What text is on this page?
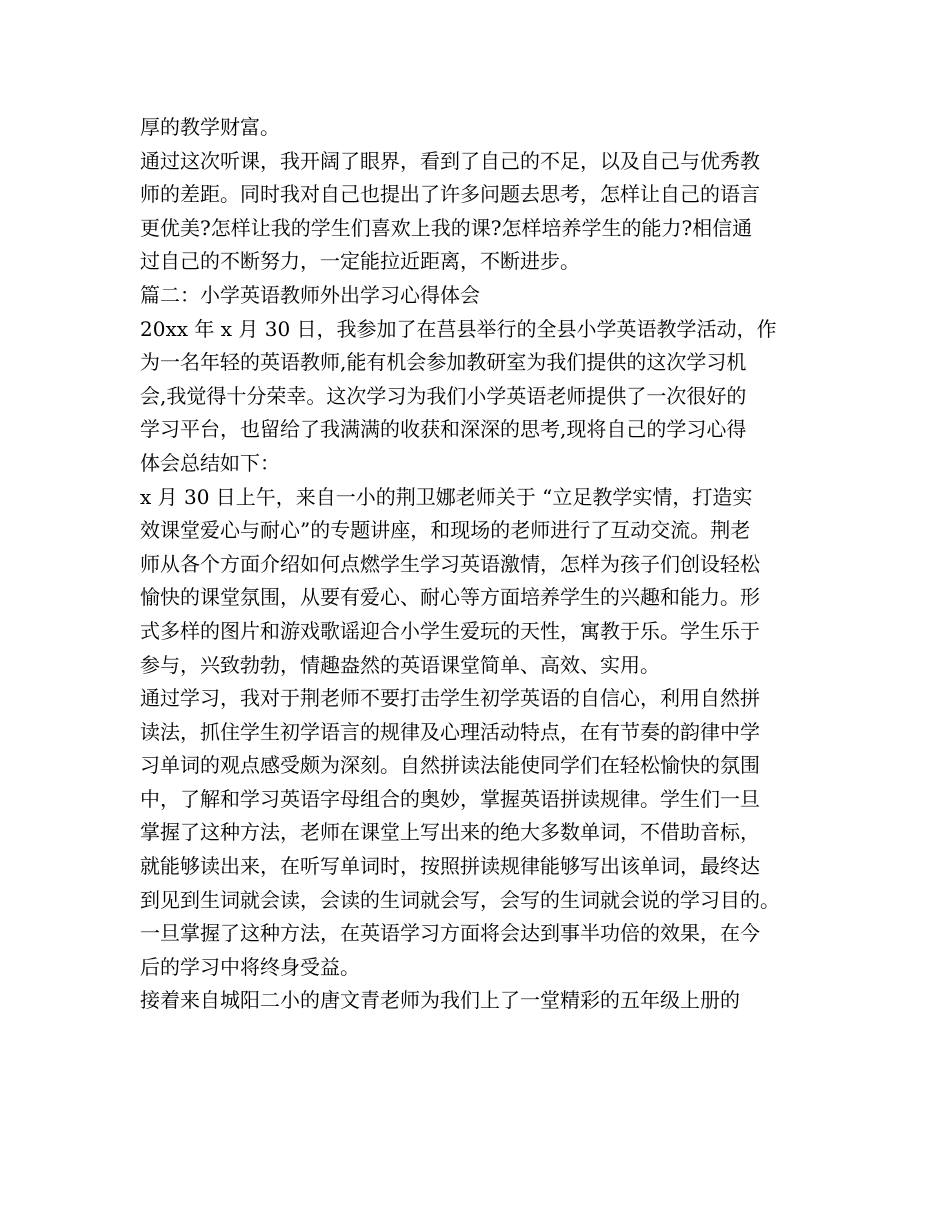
厚的教学财富。
通过这次听课，我开阔了眼界，看到了自己的不足，以及自己与优秀教
师的差距。同时我对自己也提出了许多问题去思考，怎样让自己的语言
更优美?怎样让我的学生们喜欢上我的课?怎样培养学生的能力?相信通
过自己的不断努力，一定能拉近距离，不断进步。
篇二：小学英语教师外出学习心得体会
20xx 年 x 月 30 日，我参加了在莒县举行的全县小学英语教学活动，作
为一名年轻的英语教师,能有机会参加教研室为我们提供的这次学习机
会,我觉得十分荣幸。这次学习为我们小学英语老师提供了一次很好的
学习平台，也留给了我满满的收获和深深的思考,现将自己的学习心得
体会总结如下：
x 月 30 日上午，来自一小的荆卫娜老师关于 “立足教学实情，打造实
效课堂爱心与耐心”的专题讲座，和现场的老师进行了互动交流。荆老
师从各个方面介绍如何点燃学生学习英语激情，怎样为孩子们创设轻松
愉快的课堂氛围，从要有爱心、耐心等方面培养学生的兴趣和能力。形
式多样的图片和游戏歌谣迎合小学生爱玩的天性，寓教于乐。学生乐于
参与，兴致勃勃，情趣盎然的英语课堂简单、高效、实用。
通过学习，我对于荆老师不要打击学生初学英语的自信心，利用自然拼
读法，抓住学生初学语言的规律及心理活动特点，在有节奏的韵律中学
习单词的观点感受颇为深刻。自然拼读法能使同学们在轻松愉快的氛围
中，了解和学习英语字母组合的奥妙，掌握英语拼读规律。学生们一旦
掌握了这种方法，老师在课堂上写出来的绝大多数单词，不借助音标，
就能够读出来，在听写单词时，按照拼读规律能够写出该单词，最终达
到见到生词就会读，会读的生词就会写，会写的生词就会说的学习目的。
一旦掌握了这种方法，在英语学习方面将会达到事半功倍的效果，在今
后的学习中将终身受益。
接着来自城阳二小的唐文青老师为我们上了一堂精彩的五年级上册的
